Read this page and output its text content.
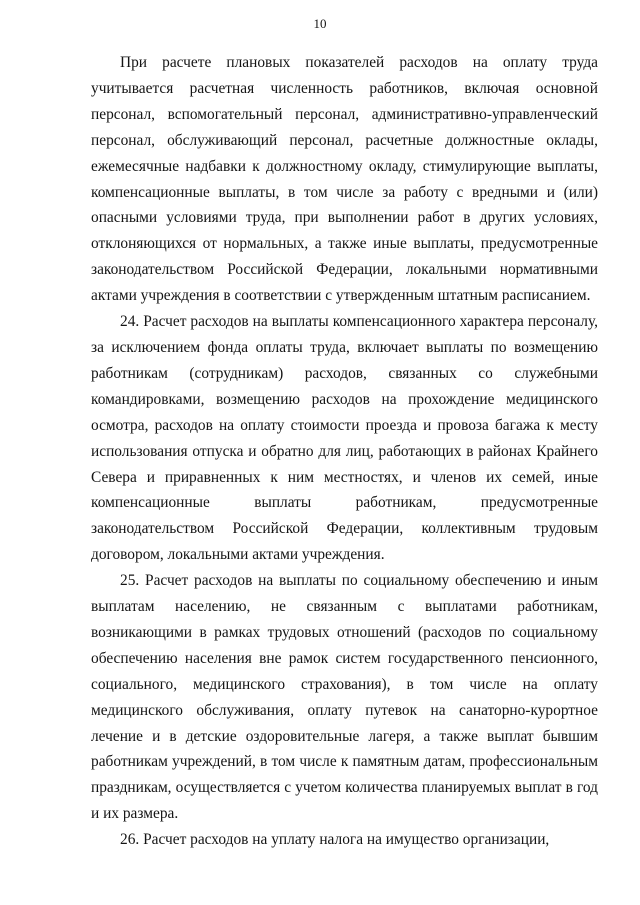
10

При расчете плановых показателей расходов на оплату труда учитывается расчетная численность работников, включая основной персонал, вспомогательный персонал, административно-управленческий персонал, обслуживающий персонал, расчетные должностные оклады, ежемесячные надбавки к должностному окладу, стимулирующие выплаты, компенсационные выплаты, в том числе за работу с вредными и (или) опасными условиями труда, при выполнении работ в других условиях, отклоняющихся от нормальных, а также иные выплаты, предусмотренные законодательством Российской Федерации, локальными нормативными актами учреждения в соответствии с утвержденным штатным расписанием.

24. Расчет расходов на выплаты компенсационного характера персоналу, за исключением фонда оплаты труда, включает выплаты по возмещению работникам (сотрудникам) расходов, связанных со служебными командировками, возмещению расходов на прохождение медицинского осмотра, расходов на оплату стоимости проезда и провоза багажа к месту использования отпуска и обратно для лиц, работающих в районах Крайнего Севера и приравненных к ним местностях, и членов их семей, иные компенсационные выплаты работникам, предусмотренные законодательством Российской Федерации, коллективным трудовым договором, локальными актами учреждения.

25. Расчет расходов на выплаты по социальному обеспечению и иным выплатам населению, не связанным с выплатами работникам, возникающими в рамках трудовых отношений (расходов по социальному обеспечению населения вне рамок систем государственного пенсионного, социального, медицинского страхования), в том числе на оплату медицинского обслуживания, оплату путевок на санаторно-курортное лечение и в детские оздоровительные лагеря, а также выплат бывшим работникам учреждений, в том числе к памятным датам, профессиональным праздникам, осуществляется с учетом количества планируемых выплат в год и их размера.

26. Расчет расходов на уплату налога на имущество организации,
